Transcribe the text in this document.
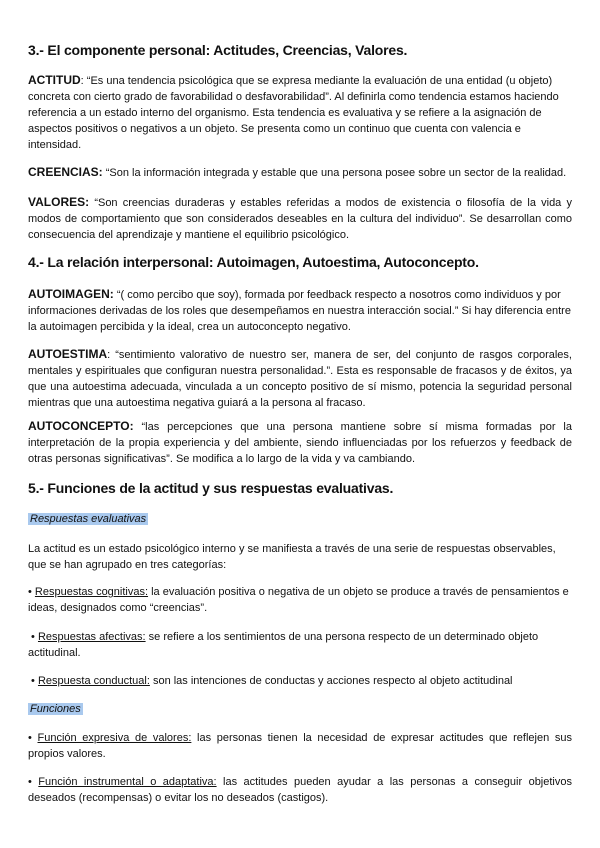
3.- El componente personal: Actitudes, Creencias, Valores.
ACTITUD: “Es una tendencia psicológica que se expresa mediante la evaluación de una entidad (u objeto) concreta con cierto grado de favorabilidad o desfavorabilidad”. Al definirla como tendencia estamos haciendo referencia a un estado interno del organismo. Esta tendencia es evaluativa y se refiere a la asignación de aspectos positivos o negativos a un objeto. Se presenta como un continuo que cuenta con valencia e intensidad.
CREENCIAS: “Son la información integrada y estable que una persona posee sobre un sector de la realidad.
VALORES: “Son creencias duraderas y estables referidas a modos de existencia o filosofía de la vida y modos de comportamiento que son considerados deseables en la cultura del individuo”. Se desarrollan como consecuencia del aprendizaje y mantiene el equilibrio psicológico.
4.- La relación interpersonal: Autoimagen, Autoestima, Autoconcepto.
AUTOIMAGEN: “( como percibo que soy), formada por feedback respecto a nosotros como individuos y por informaciones derivadas de los roles que desempeñamos en nuestra interacción social.” Si hay diferencia entre la autoimagen percibida y la ideal, crea un autoconcepto negativo.
AUTOESTIMA: “sentimiento valorativo de nuestro ser, manera de ser, del conjunto de rasgos corporales, mentales y espirituales que configuran nuestra personalidad.”. Esta es responsable de fracasos y de éxitos, ya que una autoestima adecuada, vinculada a un concepto positivo de sí mismo, potencia la seguridad personal mientras que una autoestima negativa guiará a la persona al fracaso.
AUTOCONCEPTO: “las percepciones que una persona mantiene sobre sí misma formadas por la interpretación de la propia experiencia y del ambiente, siendo influenciadas por los refuerzos y feedback de otras personas significativas”. Se modifica a lo largo de la vida y va cambiando.
5.- Funciones de la actitud y sus respuestas evaluativas.
Respuestas evaluativas
La actitud es un estado psicológico interno y se manifiesta a través de una serie de respuestas observables, que se han agrupado en tres categorías:
• Respuestas cognitivas: la evaluación positiva o negativa de un objeto se produce a través de pensamientos e ideas, designados como “creencias”.
• Respuestas afectivas: se refiere a los sentimientos de una persona respecto de un determinado objeto actitudinal.
• Respuesta conductual: son las intenciones de conductas y acciones respecto al objeto actitudinal
Funciones
• Función expresiva de valores: las personas tienen la necesidad de expresar actitudes que reflejen sus propios valores.
• Función instrumental o adaptativa: las actitudes pueden ayudar a las personas a conseguir objetivos deseados (recompensas) o evitar los no deseados (castigos).
